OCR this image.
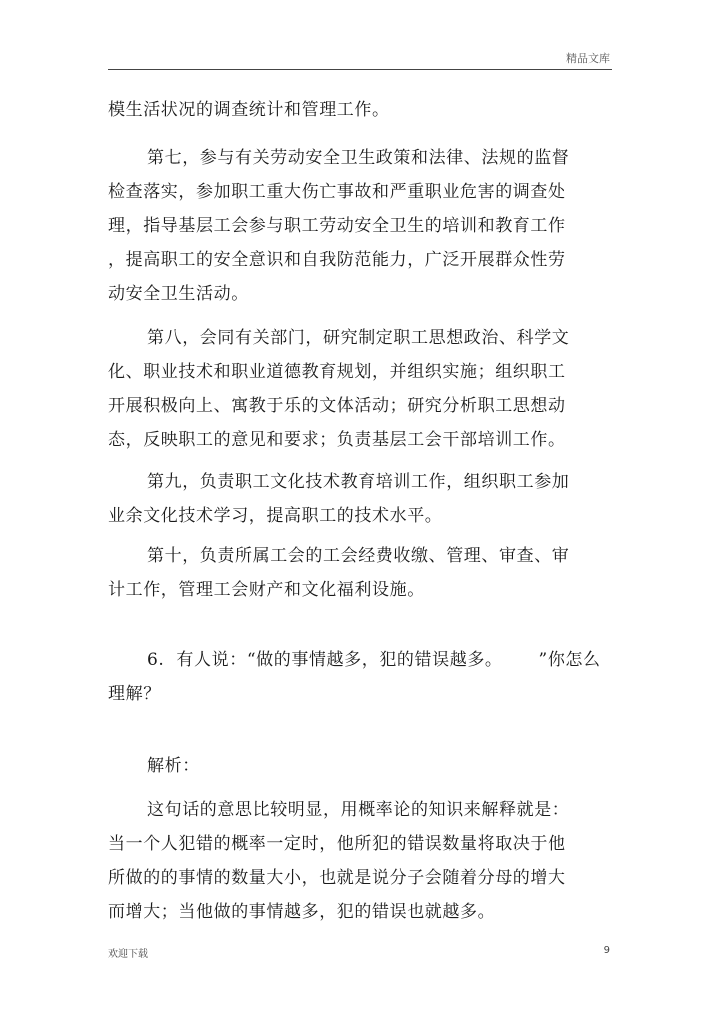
精品文库
模生活状况的调查统计和管理工作。
第七，参与有关劳动安全卫生政策和法律、法规的监督
检查落实，参加职工重大伤亡事故和严重职业危害的调查处
理，指导基层工会参与职工劳动安全卫生的培训和教育工作
，提高职工的安全意识和自我防范能力，广泛开展群众性劳
动安全卫生活动。
第八，会同有关部门，研究制定职工思想政治、科学文
化、职业技术和职业道德教育规划，并组织实施；组织职工
开展积极向上、寓教于乐的文体活动；研究分析职工思想动
态，反映职工的意见和要求；负责基层工会干部培训工作。
第九，负责职工文化技术教育培训工作，组织职工参加
业余文化技术学习，提高职工的技术水平。
第十，负责所属工会的工会经费收缴、管理、审查、审
计工作，管理工会财产和文化福利设施。
6.  有人说：“做的事情越多，犯的错误越多。      ”你怎么
理解？
解析：
这句话的意思比较明显，用概率论的知识来解释就是：
当一个人犯错的概率一定时，他所犯的错误数量将取决于他
所做的的事情的数量大小，也就是说分子会随着分母的增大
而增大；当他做的事情越多，犯的错误也就越多。
欢迎下载	9
